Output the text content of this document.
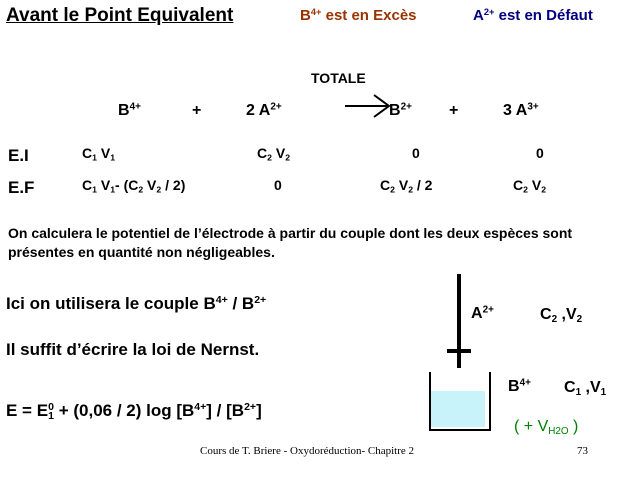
Avant le Point Equivalent	$B^{4+}$ est en Excès	$A^{2+}$ est en Défaut
TOTALE
$B^{4+}$	+	2 $A^{2+}$	$B^{2+}$ +	3 $A^{3+}$
E.I	$C_1$ $V_1$	$C_2$ $V_2$	0	0
E.F	$C_1$ $V_1-$ ($C_2$ $V_2 / 2$)	0	$C_2$ $V_2 / 2$	$C_2$ $V_2$
On calculera le potentiel de l’électrode à partir du couple dont les deux espèces sont présentes en quantité non négligeables.
Ici on utilisera le couple $B^{4+} / B^{2+}$
Il suffit d’écrire la loi de Nernst.
$E = E^0_1 + (0,06 / 2)$ $\log [B^{4+}] / [B^{2+}]$
$A^{2+}$	$C_2$ $,V_2$
$B^{4+}$ $C_1$ $,V_1$
( + $V_{H2O}$ )
Cours de T. Briere - Oxydoréduction- Chapitre 2	73
